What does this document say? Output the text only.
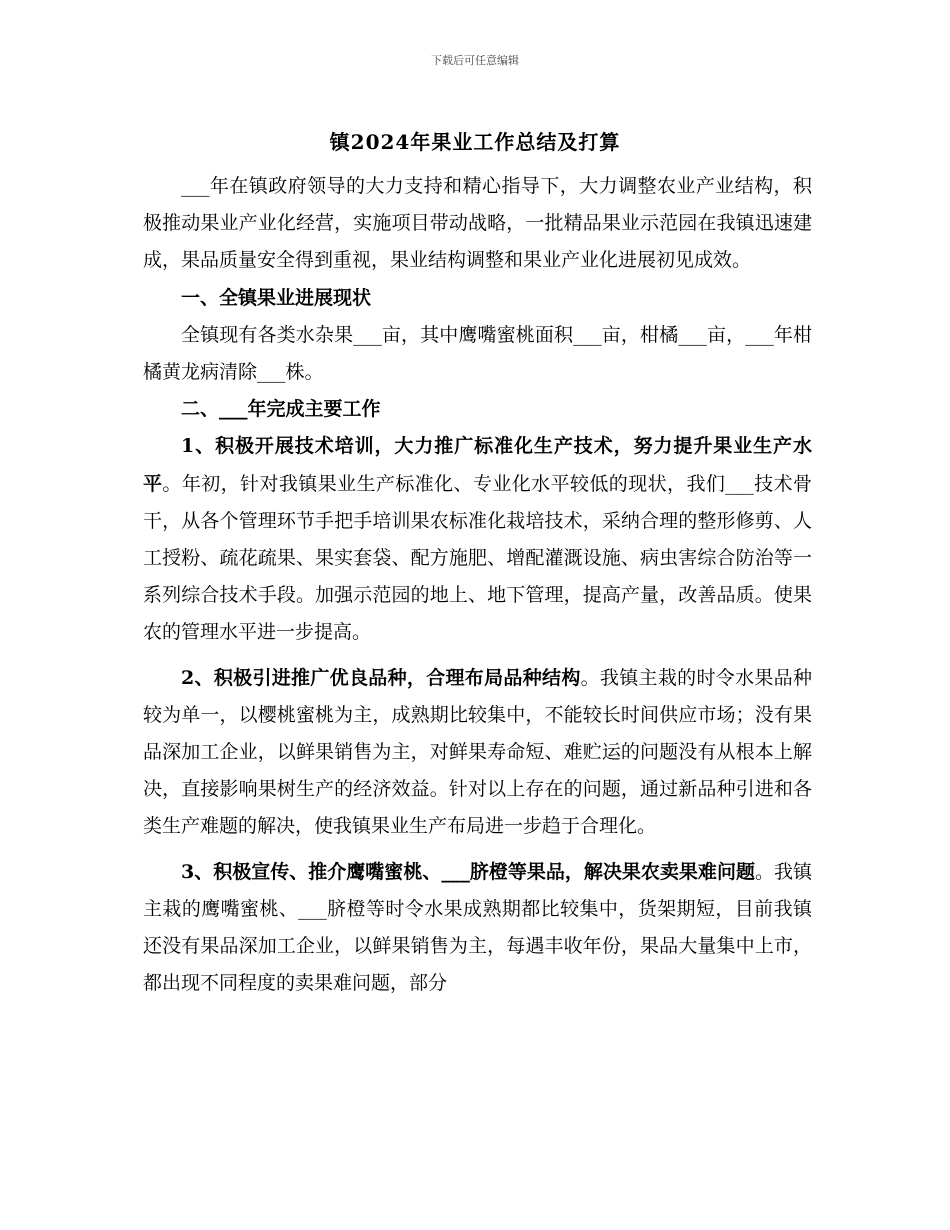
下载后可任意编辑
镇2024年果业工作总结及打算

___年在镇政府领导的大力支持和精心指导下，大力调整农业产业结构，积极推动果业产业化经营，实施项目带动战略，一批精品果业示范园在我镇迅速建成，果品质量安全得到重视，果业结构调整和果业产业化进展初见成效。

一、全镇果业进展现状

全镇现有各类水杂果___亩，其中鹰嘴蜜桃面积___亩，柑橘___亩，___年柑橘黄龙病清除___株。

二、___年完成主要工作

1、积极开展技术培训，大力推广标准化生产技术，努力提升果业生产水平。年初，针对我镇果业生产标准化、专业化水平较低的现状，我们___技术骨干，从各个管理环节手把手培训果农标准化栽培技术，采纳合理的整形修剪、人工授粉、疏花疏果、果实套袋、配方施肥、增配灌溉设施、病虫害综合防治等一系列综合技术手段。加强示范园的地上、地下管理，提高产量，改善品质。使果农的管理水平进一步提高。

2、积极引进推广优良品种，合理布局品种结构。我镇主栽的时令水果品种较为单一，以樱桃蜜桃为主，成熟期比较集中，不能较长时间供应市场；没有果品深加工企业，以鲜果销售为主，对鲜果寿命短、难贮运的问题没有从根本上解决，直接影响果树生产的经济效益。针对以上存在的问题，通过新品种引进和各类生产难题的解决，使我镇果业生产布局进一步趋于合理化。

3、积极宣传、推介鹰嘴蜜桃、___脐橙等果品，解决果农卖果难问题。我镇主栽的鹰嘴蜜桃、___脐橙等时令水果成熟期都比较集中，货架期短，目前我镇还没有果品深加工企业，以鲜果销售为主，每遇丰收年份，果品大量集中上市，都出现不同程度的卖果难问题，部分
